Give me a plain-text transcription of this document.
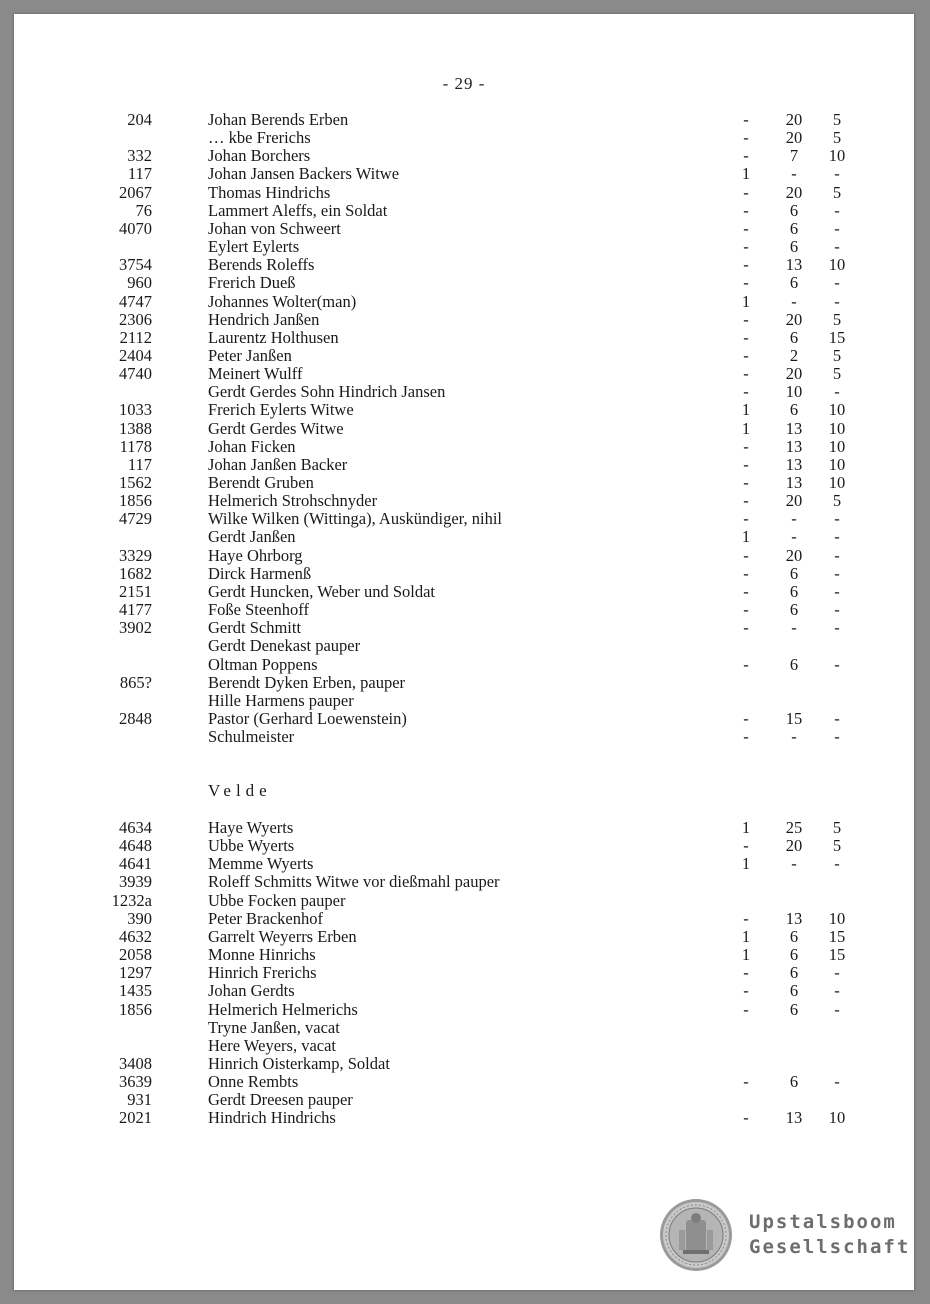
- 29 -
204	Johan Berends Erben	-	20	5
… kbe Frerichs	-	20	5
332	Johan Borchers	-	7	10
117	Johan Jansen Backers Witwe	1	-	-
2067	Thomas Hindrichs	-	20	5
76	Lammert Aleffs, ein Soldat	-	6	-
4070	Johan von Schweert	-	6	-
Eylert Eylerts	-	6	-
3754	Berends Roleffs	-	13	10
960	Frerich Dueß	-	6	-
4747	Johannes Wolter(man)	1	-	-
2306	Hendrich Janßen	-	20	5
2112	Laurentz Holthusen	-	6	15
2404	Peter Janßen	-	2	5
4740	Meinert Wulff	-	20	5
Gerdt Gerdes Sohn Hindrich Jansen	-	10	-
1033	Frerich Eylerts Witwe	1	6	10
1388	Gerdt Gerdes Witwe	1	13	10
1178	Johan Ficken	-	13	10
117	Johan Janßen Backer	-	13	10
1562	Berendt Gruben	-	13	10
1856	Helmerich Strohschnyder	-	20	5
4729	Wilke Wilken (Wittinga), Auskündiger, nihil	-	-	-
Gerdt Janßen	1	-	-
3329	Haye Ohrborg	-	20	-
1682	Dirck Harmenß	-	6	-
2151	Gerdt Huncken, Weber und Soldat	-	6	-
4177	Foße Steenhoff	-	6	-
3902	Gerdt Schmitt	-	-	-
Gerdt Denekast pauper
Oltman Poppens	-	6	-
865?	Berendt Dyken Erben, pauper
Hille Harmens pauper
2848	Pastor (Gerhard Loewenstein)	-	15	-
Schulmeister	-	-	-
Velde
4634	Haye Wyerts	1	25	5
4648	Ubbe Wyerts	-	20	5
4641	Memme Wyerts	1	-	-
3939	Roleff Schmitts Witwe vor dießmahl pauper
1232a	Ubbe Focken pauper
390	Peter Brackenhof	-	13	10
4632	Garrelt Weyerrs Erben	1	6	15
2058	Monne Hinrichs	1	6	15
1297	Hinrich Frerichs	-	6	-
1435	Johan Gerdts	-	6	-
1856	Helmerich Helmerichs	-	6	-
Tryne Janßen, vacat
Here Weyers, vacat
3408	Hinrich Oisterkamp, Soldat
3639	Onne Rembts	-	6	-
931	Gerdt Dreesen pauper
2021	Hindrich Hindrichs	-	13	10
Upstalsboom
Gesellschaft
